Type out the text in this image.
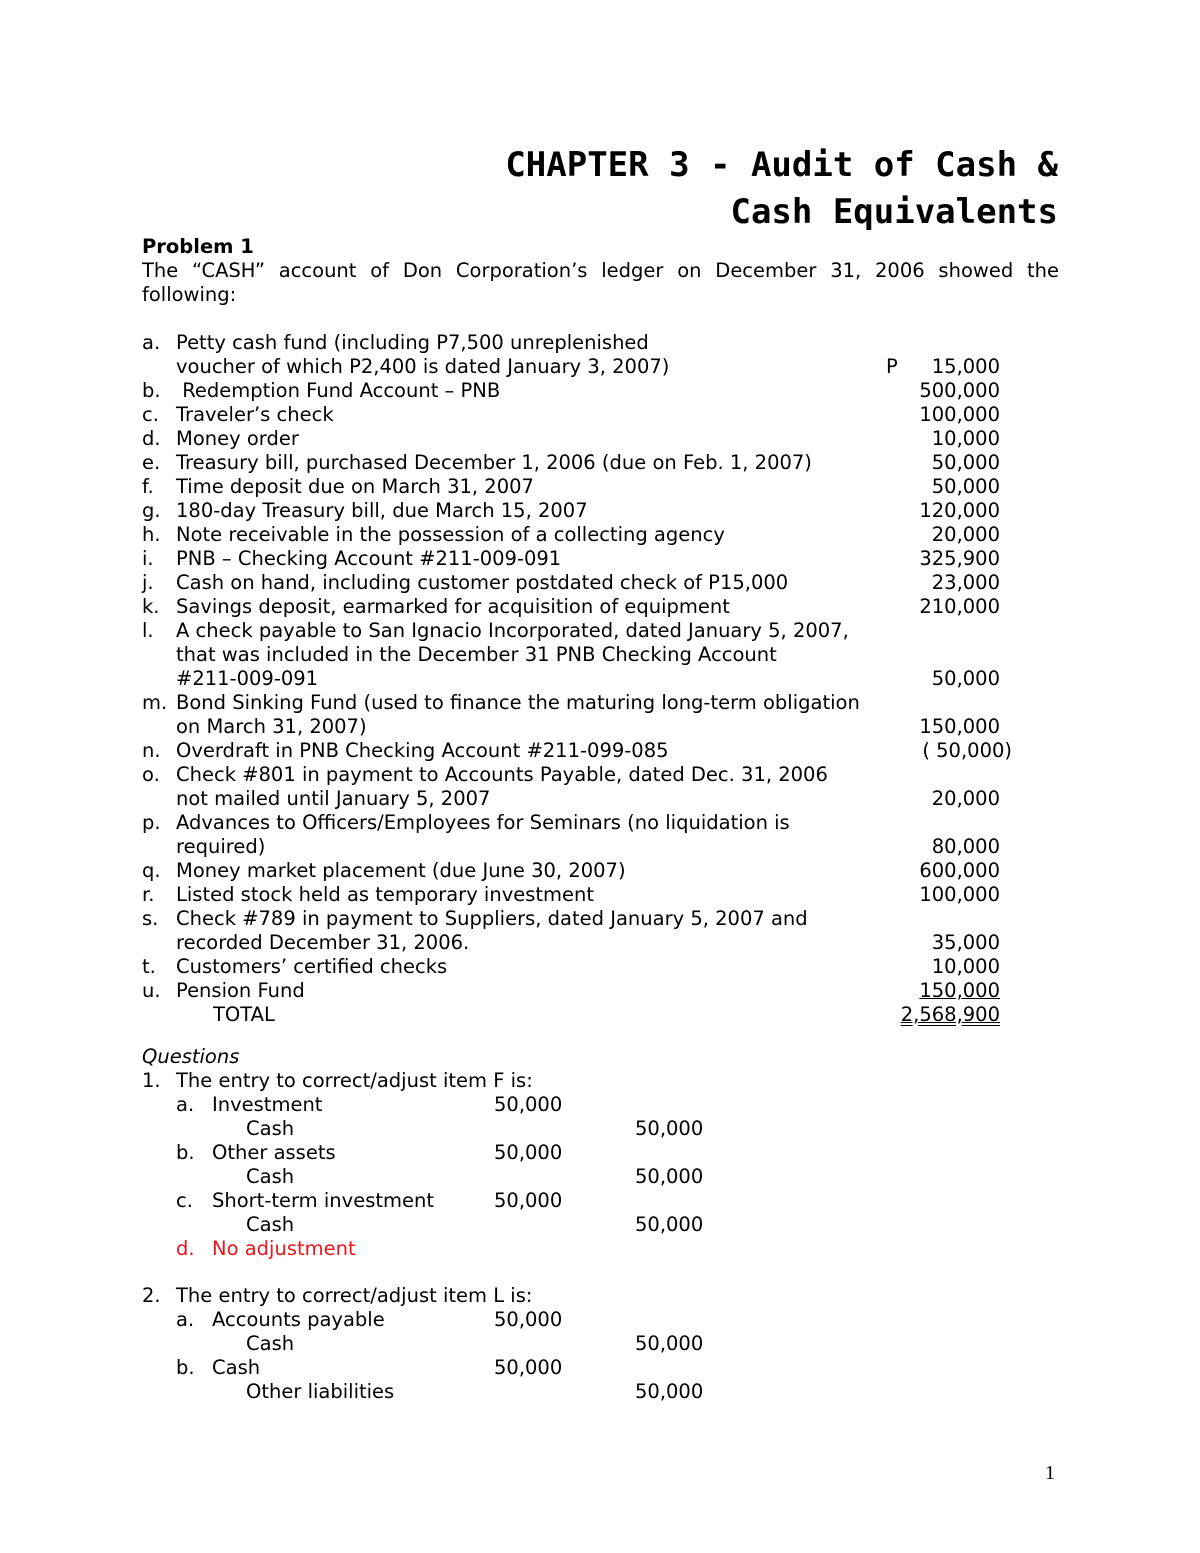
CHAPTER 3 - Audit of Cash &
Cash Equivalents

Problem 1

The “CASH” account of Don Corporation’s ledger on December 31, 2006 showed the following:

a. Petty cash fund (including P7,500 unreplenished
voucher of which P2,400 is dated January 3, 2007)	P 15,000
b. Redemption Fund Account – PNB	500,000
c. Traveler’s check	100,000
d. Money order	10,000
e. Treasury bill, purchased December 1, 2006 (due on Feb. 1, 2007)	50,000
f. Time deposit due on March 31, 2007	50,000
g. 180-day Treasury bill, due March 15, 2007	120,000
h. Note receivable in the possession of a collecting agency	20,000
i. PNB – Checking Account #211-009-091	325,900
j. Cash on hand, including customer postdated check of P15,000	23,000
k. Savings deposit, earmarked for acquisition of equipment	210,000
l. A check payable to San Ignacio Incorporated, dated January 5, 2007,
that was included in the December 31 PNB Checking Account
#211-009-091	50,000
m. Bond Sinking Fund (used to finance the maturing long-term obligation
on March 31, 2007)	150,000
n. Overdraft in PNB Checking Account #211-099-085	( 50,000)
o. Check #801 in payment to Accounts Payable, dated Dec. 31, 2006
not mailed until January 5, 2007	20,000
p. Advances to Officers/Employees for Seminars (no liquidation is
required)	80,000
q. Money market placement (due June 30, 2007)	600,000
r. Listed stock held as temporary investment	100,000
s. Check #789 in payment to Suppliers, dated January 5, 2007 and
recorded December 31, 2006.	35,000
t. Customers’ certified checks	10,000
u. Pension Fund	150,000
TOTAL	2,568,900

Questions

1. The entry to correct/adjust item F is:
a. Investment	50,000
Cash	50,000
b. Other assets	50,000
Cash	50,000
c. Short-term investment	50,000
Cash	50,000
d. No adjustment
2. The entry to correct/adjust item L is:
a. Accounts payable	50,000
Cash	50,000
b. Cash	50,000
Other liabilities	50,000

1
